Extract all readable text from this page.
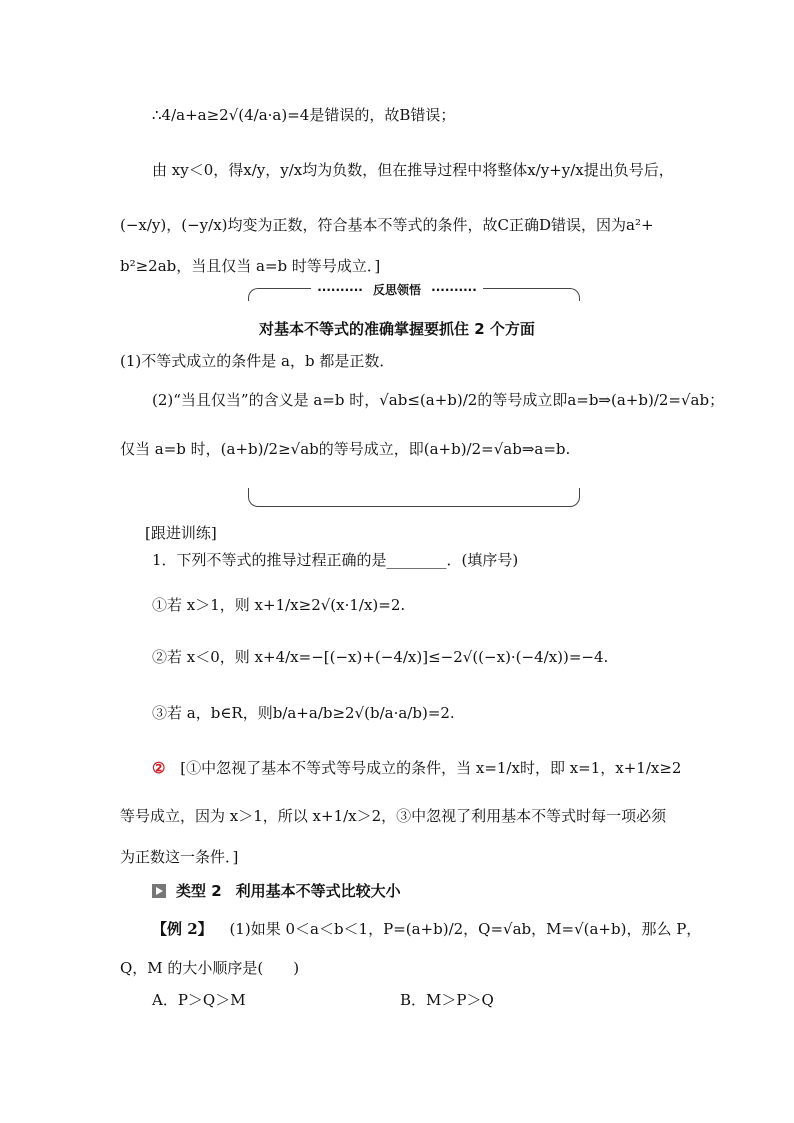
∴4/a+a≥2√(4/a·a)=4是错误的，故B错误；
由 xy＜0，得x/y，y/x均为负数，但在推导过程中将整体x/y+y/x提出负号后，
(−x/y)，(−y/x)均变为正数，符合基本不等式的条件，故C正确D错误，因为a²+
b²≥2ab，当且仅当 a=b 时等号成立．]
·········· 反思领悟 ··········
对基本不等式的准确掌握要抓住 2 个方面
(1)不等式成立的条件是 a，b 都是正数．
(2)“当且仅当”的含义是 a=b 时，√ab≤(a+b)/2的等号成立即a=b⇒(a+b)/2=√ab；
仅当 a=b 时，(a+b)/2≥√ab的等号成立，即(a+b)/2=√ab⇒a=b.
[跟进训练]
1．下列不等式的推导过程正确的是________．(填序号)
①若 x＞1，则 x+1/x≥2√(x·1/x)=2.
②若 x＜0，则 x+4/x=−[(−x)+(−4/x)]≤−2√((−x)·(−4/x))=−4.
③若 a，b∈R，则b/a+a/b≥2√(b/a·a/b)=2.
② [①中忽视了基本不等式等号成立的条件，当 x=1/x时，即 x=1，x+1/x≥2
等号成立，因为 x＞1，所以 x+1/x＞2，③中忽视了利用基本不等式时每一项必须
为正数这一条件．]
类型 2 利用基本不等式比较大小
【例 2】 (1)如果 0＜a＜b＜1，P=(a+b)/2，Q=√ab，M=√(a+b)，那么 P，
Q，M 的大小顺序是(　　)
A．P＞Q＞M	B．M＞P＞Q
